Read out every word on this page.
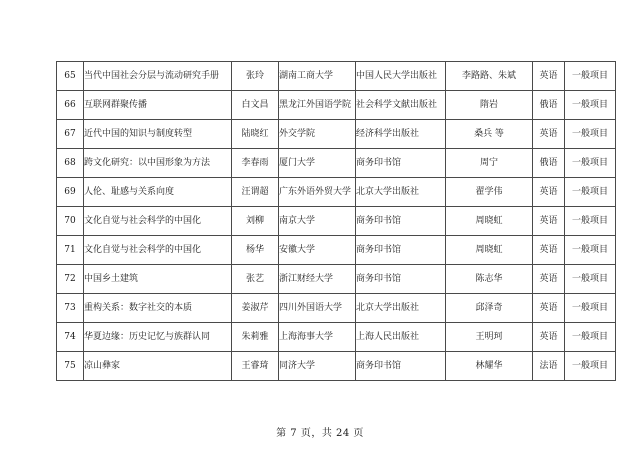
65	当代中国社会分层与流动研究手册	张玲	湖南工商大学	中国人民大学出版社	李路路、朱斌	英语	一般项目
66	互联网群聚传播	白文昌	黑龙江外国语学院	社会科学文献出版社	隋岩	俄语	一般项目
67	近代中国的知识与制度转型	陆晓红	外交学院	经济科学出版社	桑兵 等	英语	一般项目
68	跨文化研究：以中国形象为方法	李春雨	厦门大学	商务印书馆	周宁	俄语	一般项目
69	人伦、耻感与关系向度	汪谓超	广东外语外贸大学	北京大学出版社	翟学伟	英语	一般项目
70	文化自觉与社会科学的中国化	刘柳	南京大学	商务印书馆	周晓虹	英语	一般项目
71	文化自觉与社会科学的中国化	杨华	安徽大学	商务印书馆	周晓虹	英语	一般项目
72	中国乡土建筑	张艺	浙江财经大学	商务印书馆	陈志华	英语	一般项目
73	重构关系：数字社交的本质	姜淑芹	四川外国语大学	北京大学出版社	邱泽奇	英语	一般项目
74	华夏边缘：历史记忆与族群认同	朱莉雅	上海海事大学	上海人民出版社	王明珂	英语	一般项目
75	凉山彝家	王睿琦	同济大学	商务印书馆	林耀华	法语	一般项目
第 7 页，共 24 页
